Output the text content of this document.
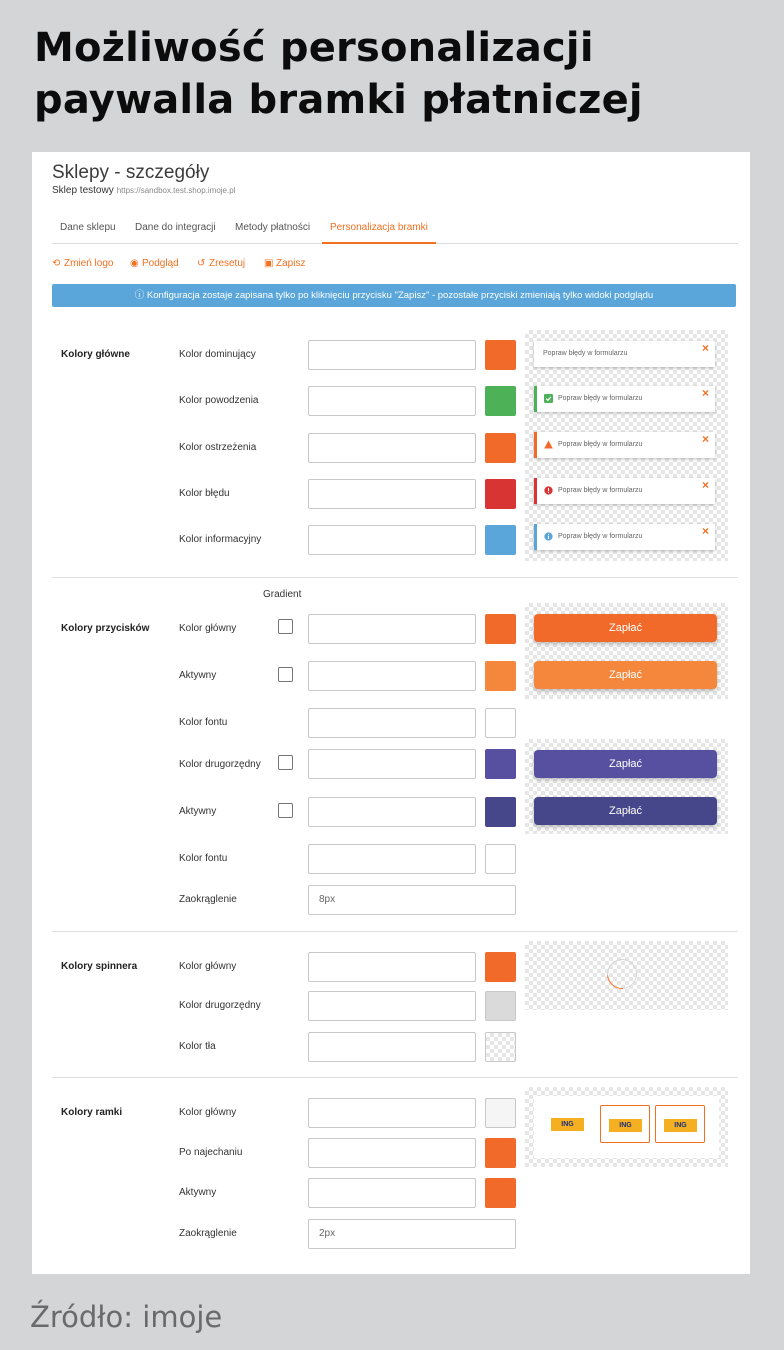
Możliwość personalizacji
paywalla bramki płatniczej
Sklepy - szczegóły
Sklep testowy https://sandbox.test.shop.imoje.pl
Dane sklepu Dane do integracji Metody płatności	Personalizacja bramki
⟲ Zmień logo ◉ Podgląd ↺ Zresetuj ▣ Zapisz
ⓘ Konfiguracja zostaje zapisana tylko po kliknięciu przycisku "Zapisz" - pozostałe przyciski zmieniają tylko widoki podglądu
Kolory główne	Kolor dominujący
Kolor powodzenia
Kolor ostrzeżenia
Kolor błędu
Kolor informacyjny
Popraw błędy w formularzu	×
Popraw błędy w formularzu	×
Popraw błędy w formularzu	×
Popraw błędy w formularzu	×
Popraw błędy w formularzu	×
Gradient
Kolory przycisków	Kolor główny
Aktywny
Kolor fontu
Kolor drugorzędny
Aktywny
Kolor fontu
Zaokrąglenie	8px
Zapłać
Zapłać
Zapłać
Zapłać
Kolory spinnera	Kolor główny
Kolor drugorzędny
Kolor tła
Kolory ramki	Kolor główny
Po najechaniu
Aktywny
Zaokrąglenie	2px
ING	ING	ING
Źródło: imoje
